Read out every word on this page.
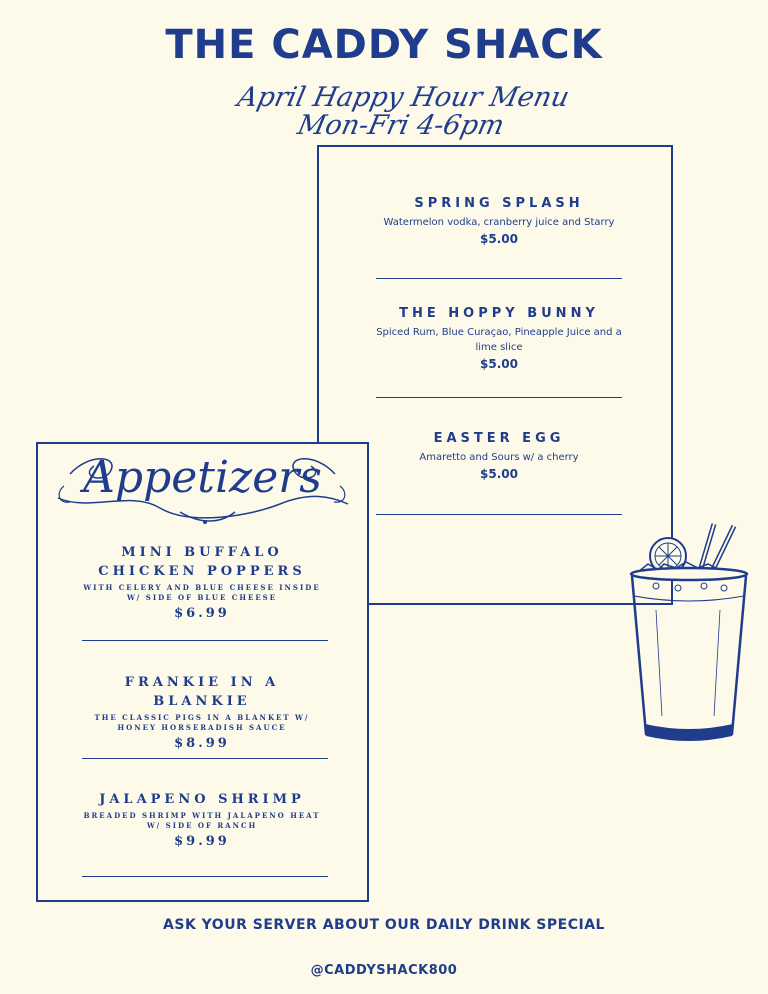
THE CADDY SHACK
April Happy Hour Menu
Mon-Fri 4-6pm
SPRING SPLASH
Watermelon vodka, cranberry juice and Starry
$5.00
THE HOPPY BUNNY
Spiced Rum, Blue Curaçao, Pineapple Juice and a lime slice
$5.00
EASTER EGG
Amaretto and Sours w/ a cherry
$5.00
Appetizers
MINI BUFFALO CHICKEN POPPERS
WITH CELERY AND BLUE CHEESE INSIDE W/ SIDE OF BLUE CHEESE
$6.99
FRANKIE IN A BLANKIE
THE CLASSIC PIGS IN A BLANKET W/ HONEY HORSERADISH SAUCE
$8.99
JALAPENO SHRIMP
BREADED SHRIMP WITH JALAPENO HEAT W/ SIDE OF RANCH
$9.99
ASK YOUR SERVER ABOUT OUR DAILY DRINK SPECIAL
@CADDYSHACK800
